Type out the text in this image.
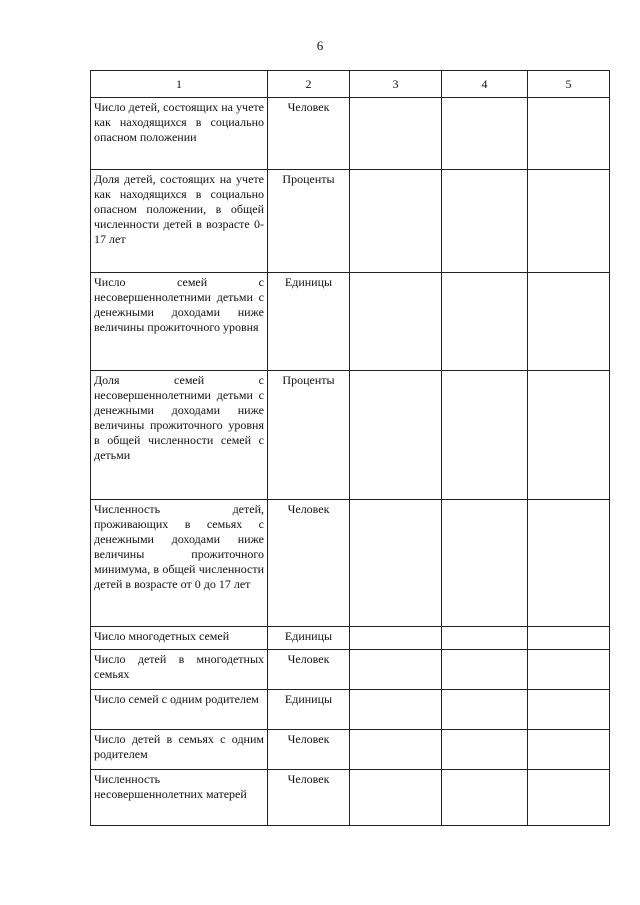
6
1	2	3	4	5
Число детей, состоящих на учете как находящихся в социально опасном положении	Человек			
Доля детей, состоящих на учете как находящихся в социально опасном положении, в общей численности детей в возрасте 0-17 лет	Проценты			
Число семей с несовершеннолетними детьми с денежными доходами ниже величины прожиточного уровня	Единицы			
Доля семей с несовершеннолетними детьми с денежными доходами ниже величины прожиточного уровня в общей численности семей с детьми	Проценты			
Численность детей, проживающих в семьях с денежными доходами ниже величины прожиточного минимума, в общей численности детей в возрасте от 0 до 17 лет	Человек			
Число многодетных семей	Единицы			
Число детей в многодетных семьях	Человек			
Число семей с одним родителем	Единицы			
Число детей в семьях с одним родителем	Человек			
Численность несовершеннолетних матерей	Человек			
